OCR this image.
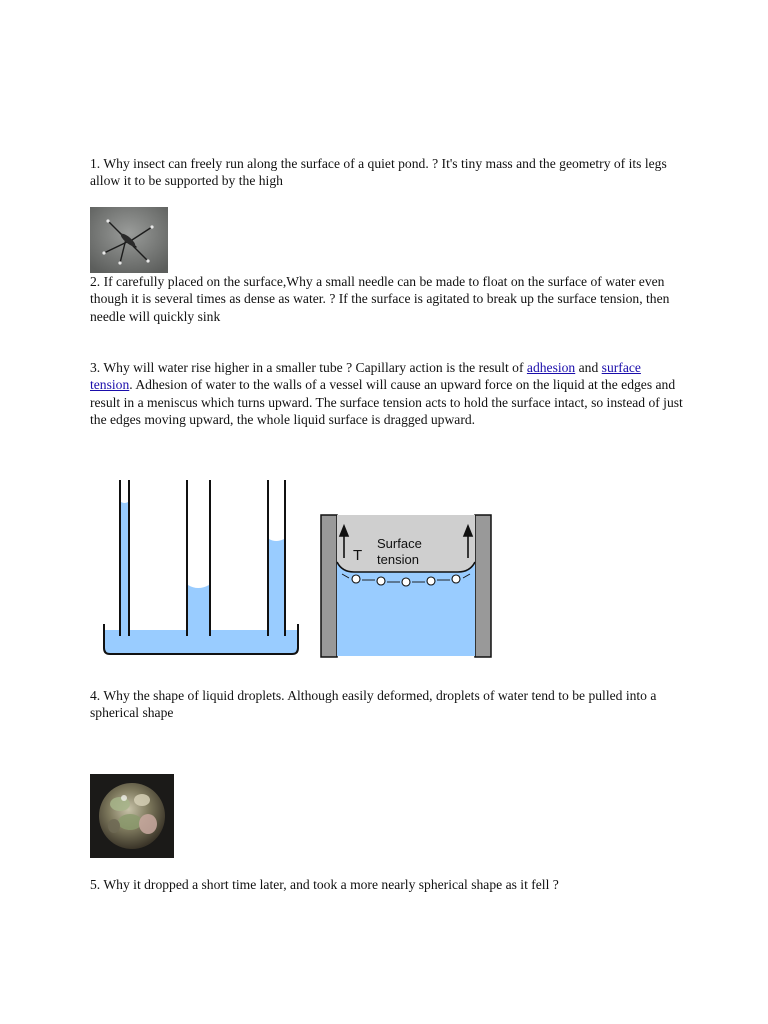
1. Why insect can freely run along the surface of a quiet pond. ? It's tiny mass and the geometry of its legs allow it to be supported by the high

2. If carefully placed on the surface,Why a small needle can be made to float on the surface of water even though it is several times as dense as water. ? If the surface is agitated to break up the surface tension, then needle will quickly sink

3. Why will water rise higher in a smaller tube ? Capillary action is the result of adhesion and surface tension. Adhesion of water to the walls of a vessel will cause an upward force on the liquid at the edges and result in a meniscus which turns upward. The surface tension acts to hold the surface intact, so instead of just the edges moving upward, the whole liquid surface is dragged upward.

T
Surface
tension

4. Why the shape of liquid droplets. Although easily deformed, droplets of water tend to be pulled into a spherical shape

5. Why it dropped a short time later, and took a more nearly spherical shape as it fell ?
